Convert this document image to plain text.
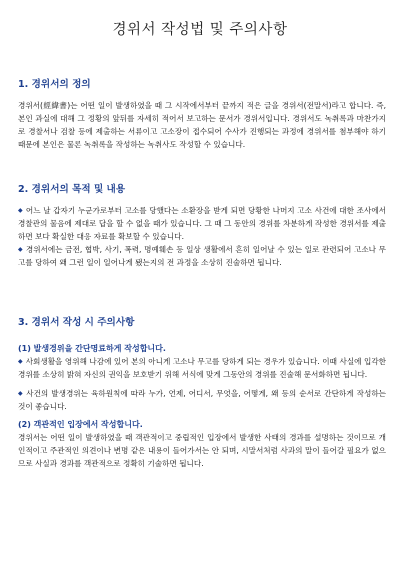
경위서 작성법 및 주의사항
1. 경위서의 정의
경위서(經緯書)는 어떤 일이 발생하였을 때 그 시작에서부터 끝까지 적은 글을 경위서(전말서)라고 합니다. 즉, 본인 과실에 대해 그 정황의 앞뒤를 자세히 적어서 보고하는 문서가 경위서입니다. 경위서도 녹취록과 마찬가지로 경찰서나 검찰 등에 제출하는 서류이고 고소장이 접수되어 수사가 진행되는 과정에 경위서를 첨부해야 하기 때문에 본인은 물론 녹취록을 작성하는 녹취사도 작성할 수 있습니다.
2. 경위서의 목적 및 내용
◆ 어느 날 갑자기 누군가로부터 고소를 당했다는 소환장을 받게 되면 당황한 나머지 고소 사건에 대한 조사에서 경찰관의 물음에 제대로 답을 할 수 없을 때가 있습니다. 그 때 그 동안의 경위를 차분하게 작성한 경위서를 제출하면 보다 확실한 대응 자료를 확보할 수 있습니다.
◆ 경위서에는 금전, 협박, 사기, 폭력, 명예훼손 등 일상 생활에서 흔히 일어날 수 있는 일로 관련되어 고소나 무고를 당하여 왜 그런 일이 일어나게 됐는지의 전 과정을 소상히 진술하면 됩니다.
3. 경위서 작성 시 주의사항
(1) 발생경위을 간단명료하게 작성합니다.
◆ 사회생활을 영위해 나감에 있어 본의 아니게 고소나 무고를 당하게 되는 경우가 있습니다. 이때 사실에 입각한 경위를 소상히 밝혀 자신의 권익을 보호받기 위해 서식에 맞게 그동안의 경위를 진술해 문서화하면 됩니다.
◆ 사건의 발생경위는 육하원칙에 따라 누가, 언제, 어디서, 무엇을, 어떻게, 왜 등의 순서로 간단하게 작성하는 것이 좋습니다.
(2) 객관적인 입장에서 작성합니다.
경위서는 어떤 일이 발생하였을 때 객관적이고 중립적인 입장에서 발생한 사태의 경과를 설명하는 것이므로 개인적이고 주관적인 의견이나 변명 같은 내용이 들어가서는 안 되며, 시말서처럼 사과의 말이 들어갈 필요가 없으므로 사실과 경과를 객관적으로 정확히 기술하면 됩니다.
